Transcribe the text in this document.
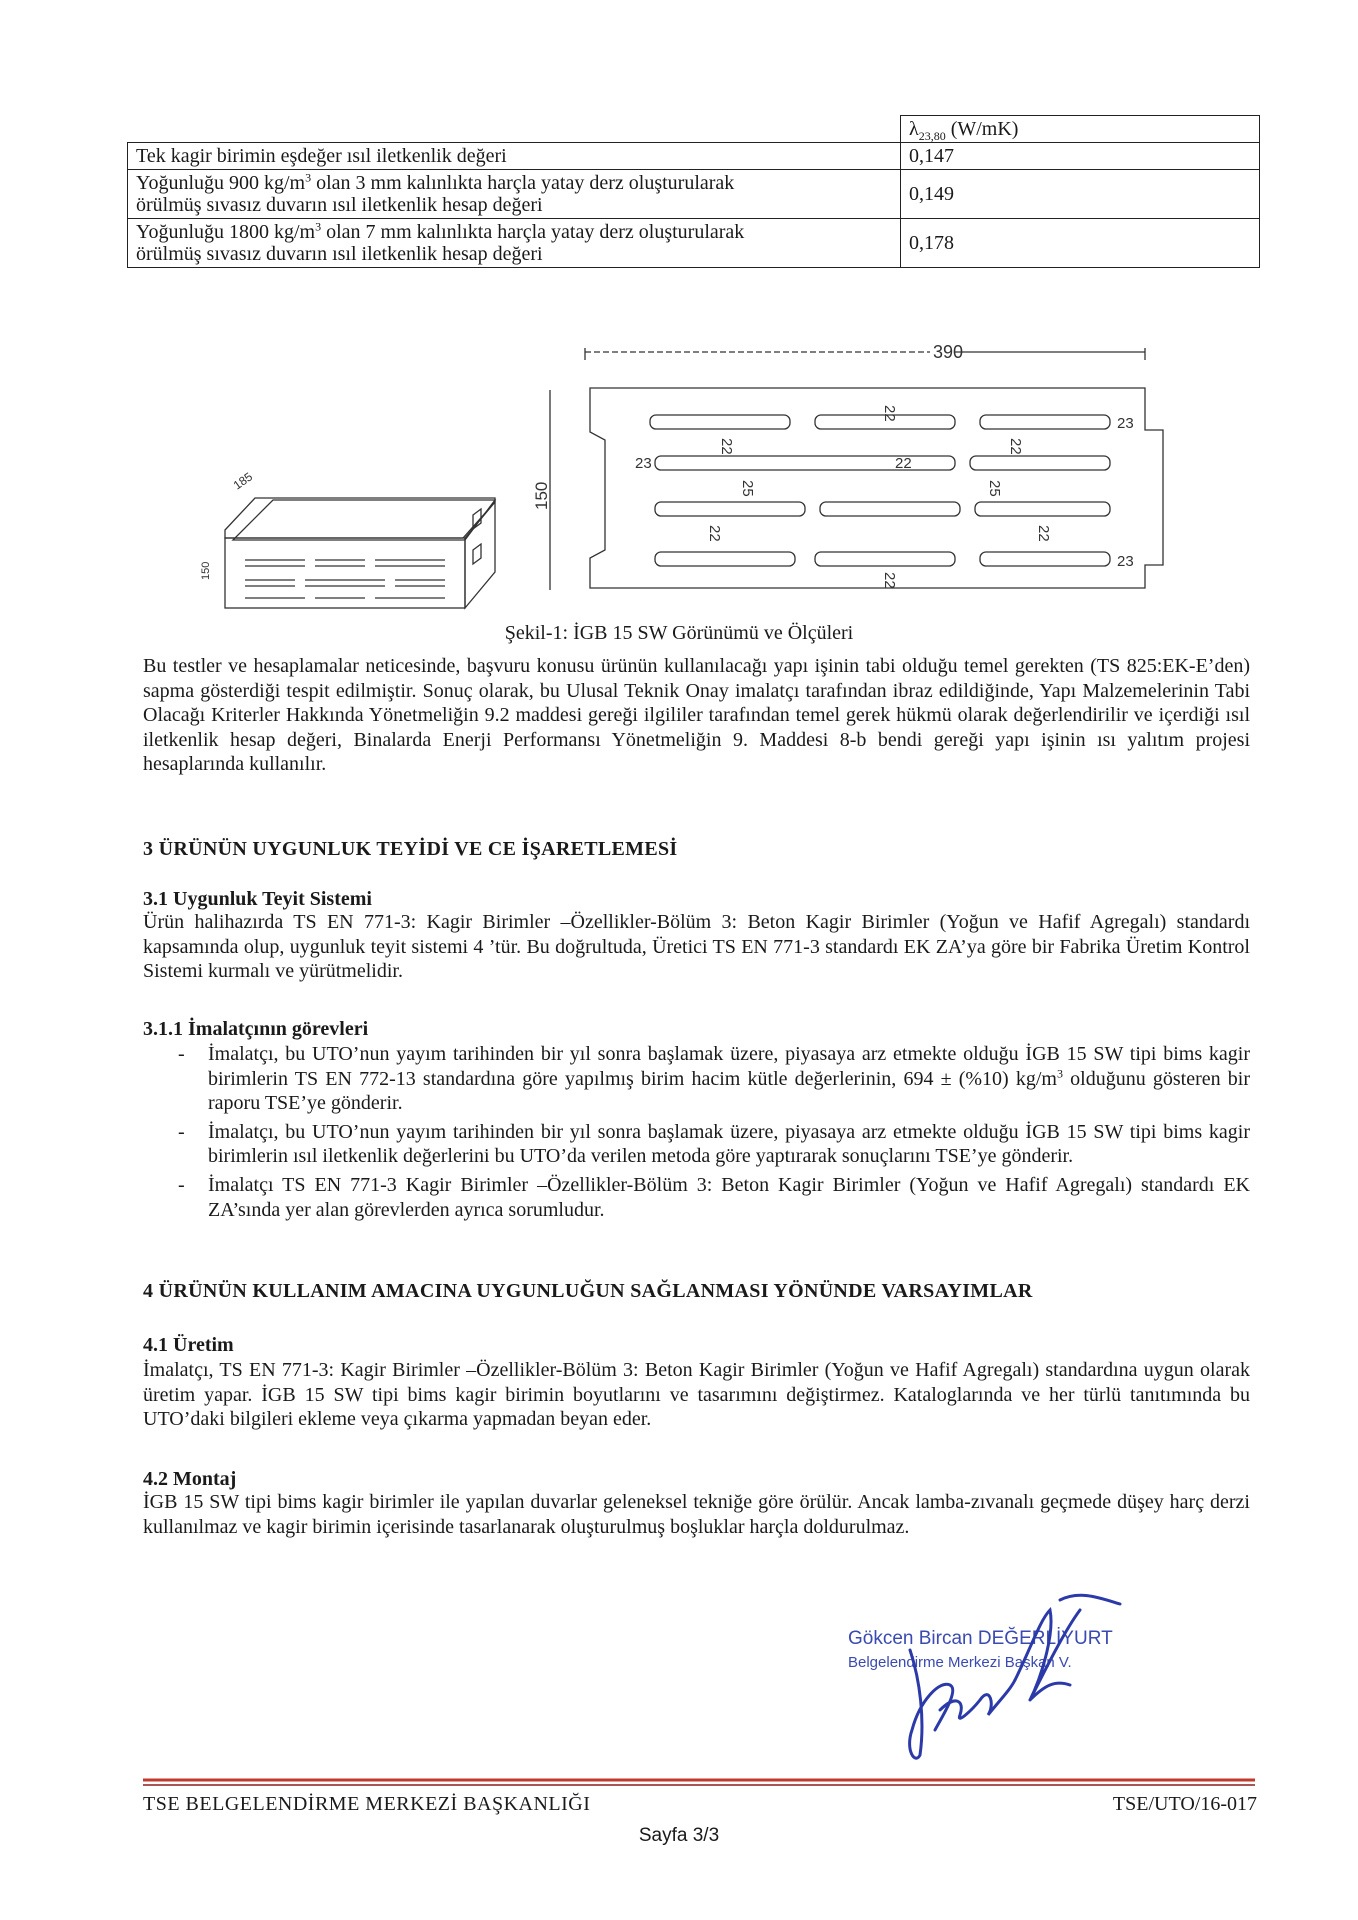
	$\lambda_{23,80}$ (W/mK)
Tek kagir birimin eşdeğer ısıl iletkenlik değeri	0,147
Yoğunluğu 900 $kg/m^3$ olan 3 mm kalınlıkta harçla yatay derz oluşturularak
örülmüş sıvasız duvarın ısıl iletkenlik hesap değeri	0,149
Yoğunluğu 1800 $kg/m^3$ olan 7 mm kalınlıkta harçla yatay derz oluşturularak
örülmüş sıvasız duvarın ısıl iletkenlik hesap değeri	0,178
185
150
390
150
22
22	22
23	22
23
25	25
22	22
22
23
Şekil-1: İGB 15 SW Görünümü ve Ölçüleri

Bu testler ve hesaplamalar neticesinde, başvuru konusu ürünün kullanılacağı yapı işinin tabi olduğu temel gerekten (TS 825:EK-E’den) sapma gösterdiği tespit edilmiştir. Sonuç olarak, bu Ulusal Teknik Onay imalatçı tarafından ibraz edildiğinde, Yapı Malzemelerinin Tabi Olacağı Kriterler Hakkında Yönetmeliğin 9.2 maddesi gereği ilgililer tarafından temel gerek hükmü olarak değerlendirilir ve içerdiği ısıl iletkenlik hesap değeri, Binalarda Enerji Performansı Yönetmeliğin 9. Maddesi 8-b bendi gereği yapı işinin ısı yalıtım projesi hesaplarında kullanılır.

3 ÜRÜNÜN UYGUNLUK TEYİDİ VE CE İŞARETLEMESİ
3.1 Uygunluk Teyit Sistemi

Ürün halihazırda TS EN 771-3: Kagir Birimler –Özellikler-Bölüm 3: Beton Kagir Birimler (Yoğun ve Hafif Agregalı) standardı kapsamında olup, uygunluk teyit sistemi 4 ’tür. Bu doğrultuda, Üretici TS EN 771-3 standardı EK ZA’ya göre bir Fabrika Üretim Kontrol Sistemi kurmalı ve yürütmelidir.

3.1.1 İmalatçının görevleri
- İmalatçı, bu UTO’nun yayım tarihinden bir yıl sonra başlamak üzere, piyasaya arz etmekte olduğu İGB 15 SW tipi bims kagir birimlerin TS EN 772-13 standardına göre yapılmış birim hacim kütle değerlerinin, 694 ± (%10) $kg/m^3$ olduğunu gösteren bir raporu TSE’ye gönderir.
- İmalatçı, bu UTO’nun yayım tarihinden bir yıl sonra başlamak üzere, piyasaya arz etmekte olduğu İGB 15 SW tipi bims kagir birimlerin ısıl iletkenlik değerlerini bu UTO’da verilen metoda göre yaptırarak sonuçlarını TSE’ye gönderir.
- İmalatçı TS EN 771-3 Kagir Birimler –Özellikler-Bölüm 3: Beton Kagir Birimler (Yoğun ve Hafif Agregalı) standardı EK ZA’sında yer alan görevlerden ayrıca sorumludur.
4 ÜRÜNÜN KULLANIM AMACINA UYGUNLUĞUN SAĞLANMASI YÖNÜNDE VARSAYIMLAR
4.1 Üretim

İmalatçı, TS EN 771-3: Kagir Birimler –Özellikler-Bölüm 3: Beton Kagir Birimler (Yoğun ve Hafif Agregalı) standardına uygun olarak üretim yapar. İGB 15 SW tipi bims kagir birimin boyutlarını ve tasarımını değiştirmez. Kataloglarında ve her türlü tanıtımında bu UTO’daki bilgileri ekleme veya çıkarma yapmadan beyan eder.

4.2 Montaj

İGB 15 SW tipi bims kagir birimler ile yapılan duvarlar geleneksel tekniğe göre örülür. Ancak lamba-zıvanalı geçmede düşey harç derzi kullanılmaz ve kagir birimin içerisinde tasarlanarak oluşturulmuş boşluklar harçla doldurulmaz.

Gökcen Bircan DEĞERLİYURT
Belgelendirme Merkezi Başkan V.
TSE BELGELENDİRME MERKEZİ BAŞKANLIĞI	TSE/UTO/16-017
Sayfa 3/3
